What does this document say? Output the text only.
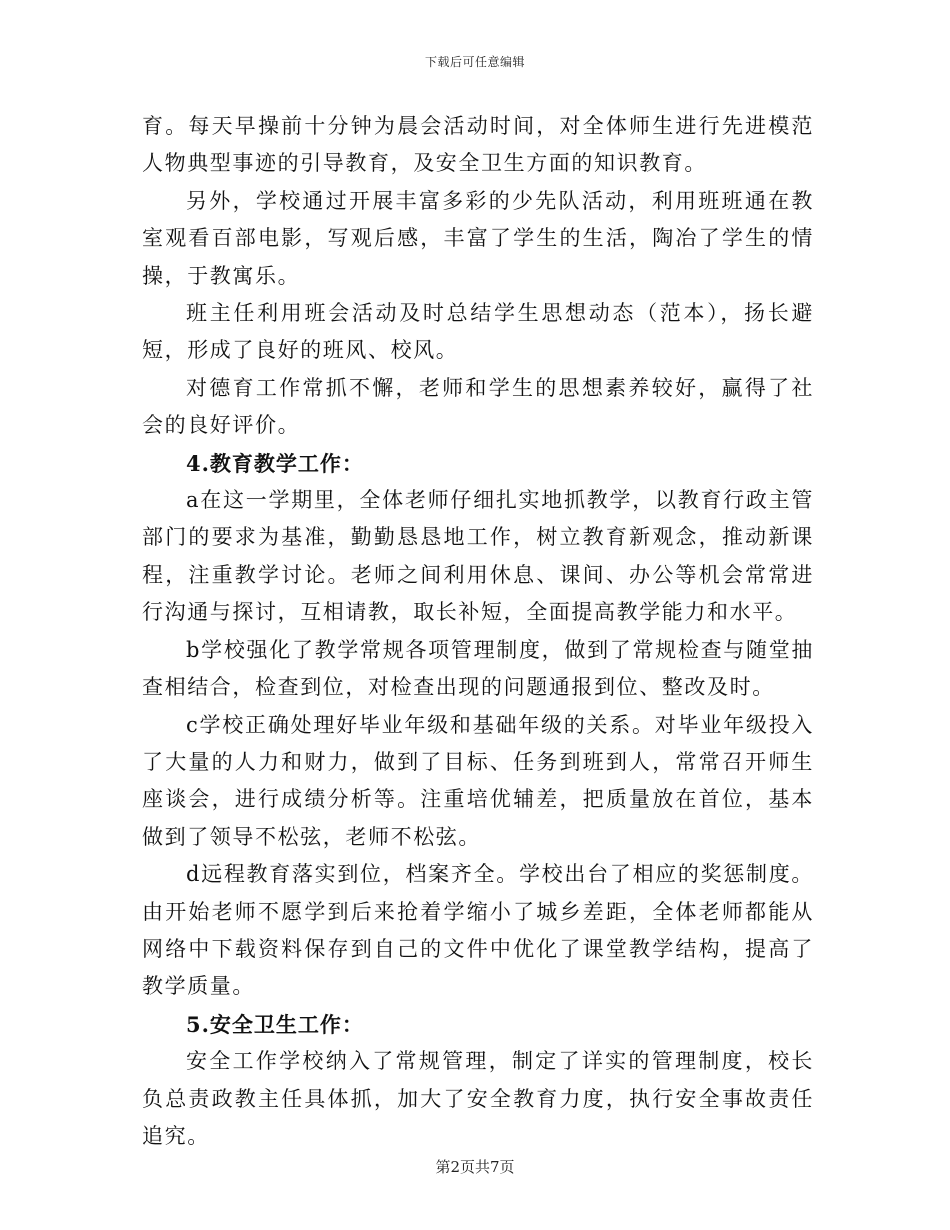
下载后可任意编辑

育。每天早操前十分钟为晨会活动时间，对全体师生进行先进模范人物典型事迹的引导教育，及安全卫生方面的知识教育。

另外，学校通过开展丰富多彩的少先队活动，利用班班通在教室观看百部电影，写观后感，丰富了学生的生活，陶冶了学生的情操，于教寓乐。

班主任利用班会活动及时总结学生思想动态（范本），扬长避短，形成了良好的班风、校风。

对德育工作常抓不懈，老师和学生的思想素养较好，赢得了社会的良好评价。

4.教育教学工作：

a在这一学期里，全体老师仔细扎实地抓教学，以教育行政主管部门的要求为基准，勤勤恳恳地工作，树立教育新观念，推动新课程，注重教学讨论。老师之间利用休息、课间、办公等机会常常进行沟通与探讨，互相请教，取长补短，全面提高教学能力和水平。

b学校强化了教学常规各项管理制度，做到了常规检查与随堂抽查相结合，检查到位，对检查出现的问题通报到位、整改及时。

c学校正确处理好毕业年级和基础年级的关系。对毕业年级投入了大量的人力和财力，做到了目标、任务到班到人，常常召开师生座谈会，进行成绩分析等。注重培优辅差，把质量放在首位，基本做到了领导不松弦，老师不松弦。

d远程教育落实到位，档案齐全。学校出台了相应的奖惩制度。由开始老师不愿学到后来抢着学缩小了城乡差距，全体老师都能从网络中下载资料保存到自己的文件中优化了课堂教学结构，提高了教学质量。

5.安全卫生工作：

安全工作学校纳入了常规管理，制定了详实的管理制度，校长负总责政教主任具体抓，加大了安全教育力度，执行安全事故责任追究。

第2页共7页
